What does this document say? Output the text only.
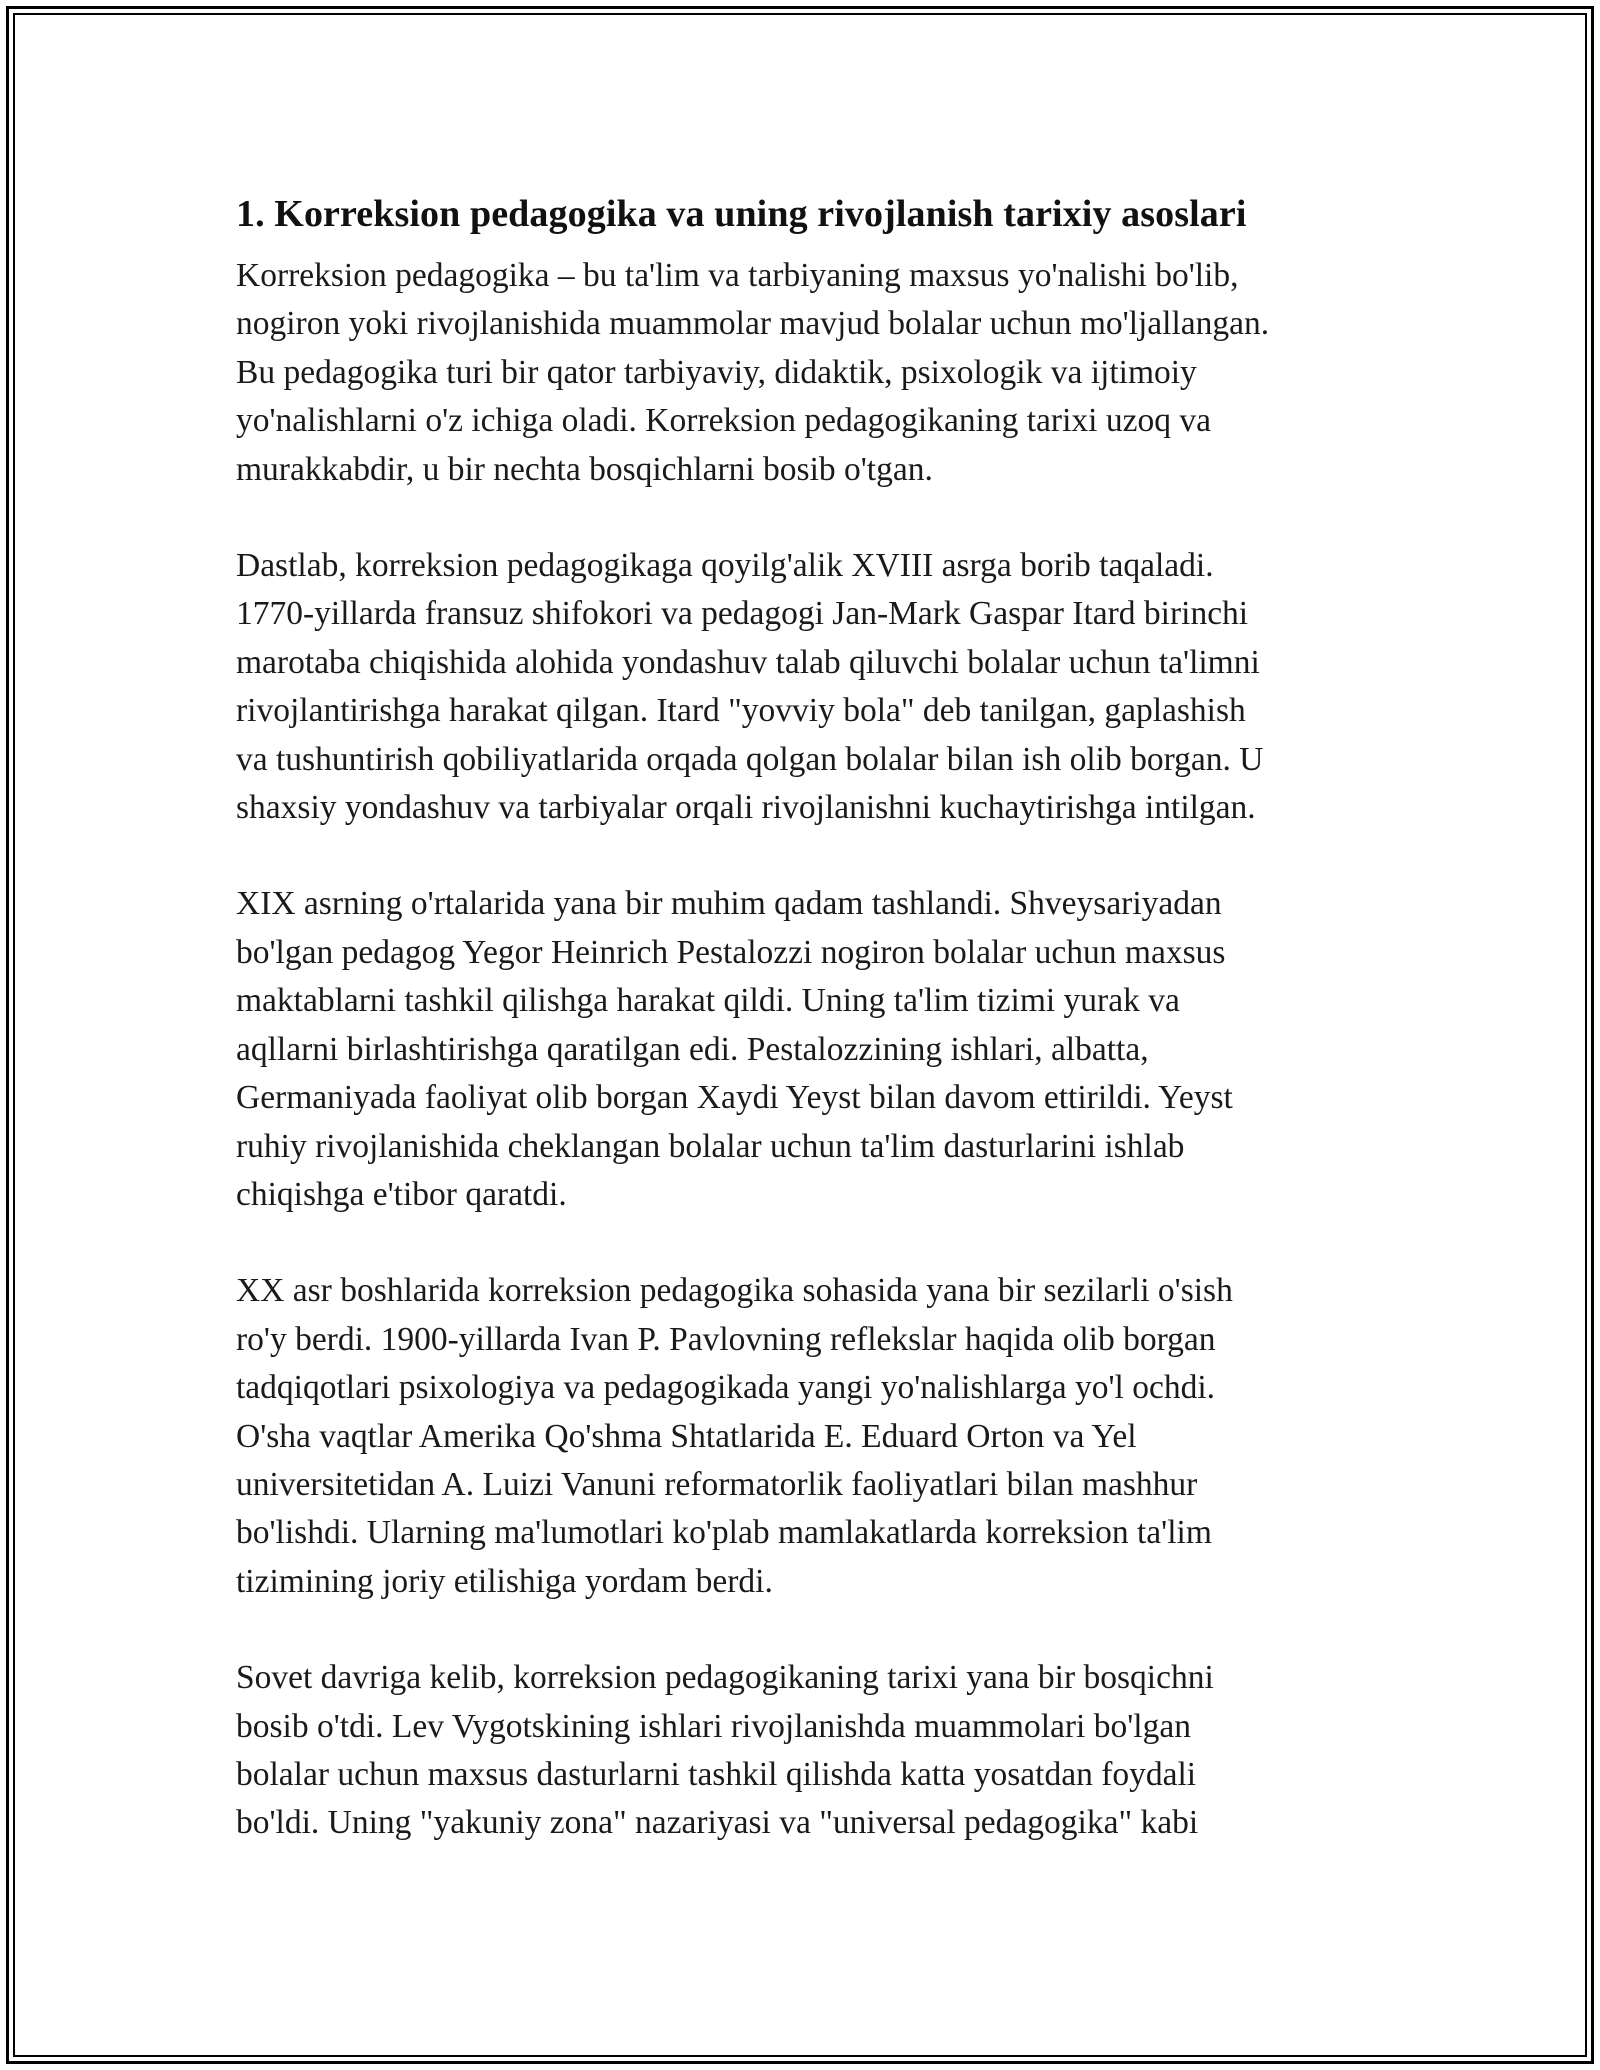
1. Korreksion pedagogika va uning rivojlanish tarixiy asoslari
Korreksion pedagogika – bu ta'lim va tarbiyaning maxsus yo'nalishi bo'lib,
nogiron yoki rivojlanishida muammolar mavjud bolalar uchun mo'ljallangan.
Bu pedagogika turi bir qator tarbiyaviy, didaktik, psixologik va ijtimoiy
yo'nalishlarni o'z ichiga oladi. Korreksion pedagogikaning tarixi uzoq va
murakkabdir, u bir nechta bosqichlarni bosib o'tgan.
Dastlab, korreksion pedagogikaga qoyilg'alik XVIII asrga borib taqaladi.
1770-yillarda fransuz shifokori va pedagogi Jan-Mark Gaspar Itard birinchi
marotaba chiqishida alohida yondashuv talab qiluvchi bolalar uchun ta'limni
rivojlantirishga harakat qilgan. Itard "yovviy bola" deb tanilgan, gaplashish
va tushuntirish qobiliyatlarida orqada qolgan bolalar bilan ish olib borgan. U
shaxsiy yondashuv va tarbiyalar orqali rivojlanishni kuchaytirishga intilgan.
XIX asrning o'rtalarida yana bir muhim qadam tashlandi. Shveysariyadan
bo'lgan pedagog Yegor Heinrich Pestalozzi nogiron bolalar uchun maxsus
maktablarni tashkil qilishga harakat qildi. Uning ta'lim tizimi yurak va
aqllarni birlashtirishga qaratilgan edi. Pestalozzining ishlari, albatta,
Germaniyada faoliyat olib borgan Xaydi Yeyst bilan davom ettirildi. Yeyst
ruhiy rivojlanishida cheklangan bolalar uchun ta'lim dasturlarini ishlab
chiqishga e'tibor qaratdi.
XX asr boshlarida korreksion pedagogika sohasida yana bir sezilarli o'sish
ro'y berdi. 1900-yillarda Ivan P. Pavlovning reflekslar haqida olib borgan
tadqiqotlari psixologiya va pedagogikada yangi yo'nalishlarga yo'l ochdi.
O'sha vaqtlar Amerika Qo'shma Shtatlarida E. Eduard Orton va Yel
universitetidan A. Luizi Vanuni reformatorlik faoliyatlari bilan mashhur
bo'lishdi. Ularning ma'lumotlari ko'plab mamlakatlarda korreksion ta'lim
tizimining joriy etilishiga yordam berdi.
Sovet davriga kelib, korreksion pedagogikaning tarixi yana bir bosqichni
bosib o'tdi. Lev Vygotskining ishlari rivojlanishda muammolari bo'lgan
bolalar uchun maxsus dasturlarni tashkil qilishda katta yosatdan foydali
bo'ldi. Uning "yakuniy zona" nazariyasi va "universal pedagogika" kabi
